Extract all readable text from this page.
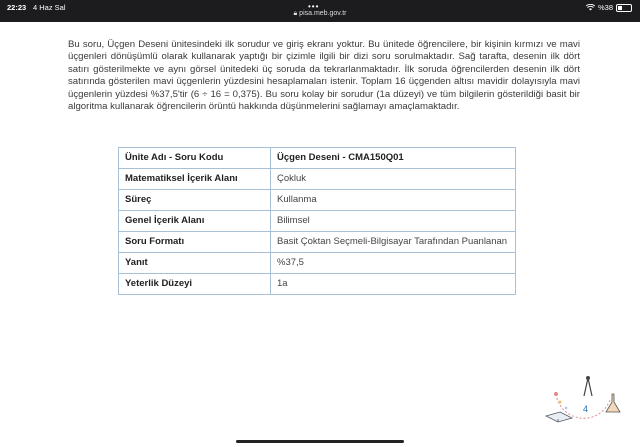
22:23 4 Haz Sal	•••	%38
🔒︎ pisa.meb.gov.tr
Bu soru, Üçgen Deseni ünitesindeki ilk sorudur ve giriş ekranı yoktur. Bu ünitede öğrencilere, bir kişinin kırmızı ve mavi üçgenleri dönüşümlü olarak kullanarak yaptığı bir çizimle ilgili bir dizi soru sorulmaktadır. Sağ tarafta, desenin ilk dört satırı gösterilmekte ve aynı görsel ünitedeki üç soruda da tekrarlanmaktadır. İlk soruda öğrencilerden desenin ilk dört satırında gösterilen mavi üçgenlerin yüzdesini hesaplamaları istenir. Toplam 16 üçgenden altısı mavidir dolayısıyla mavi üçgenlerin yüzdesi %37,5'tir (6 ÷ 16 = 0,375). Bu soru kolay bir sorudur (1a düzeyi) ve tüm bilgilerin gösterildiği basit bir algoritma kullanarak öğrencilerin örüntü hakkında düşünmelerini sağlamayı amaçlamaktadır.
Ünite Adı - Soru Kodu	Üçgen Deseni - CMA150Q01
Matematiksel İçerik Alanı	Çokluk
Süreç	Kullanma
Genel İçerik Alanı	Bilimsel
Soru Formatı	Basit Çoktan Seçmeli-Bilgisayar Tarafından Puanlanan
Yanıt	%37,5
Yeterlik Düzeyi	1a
4
